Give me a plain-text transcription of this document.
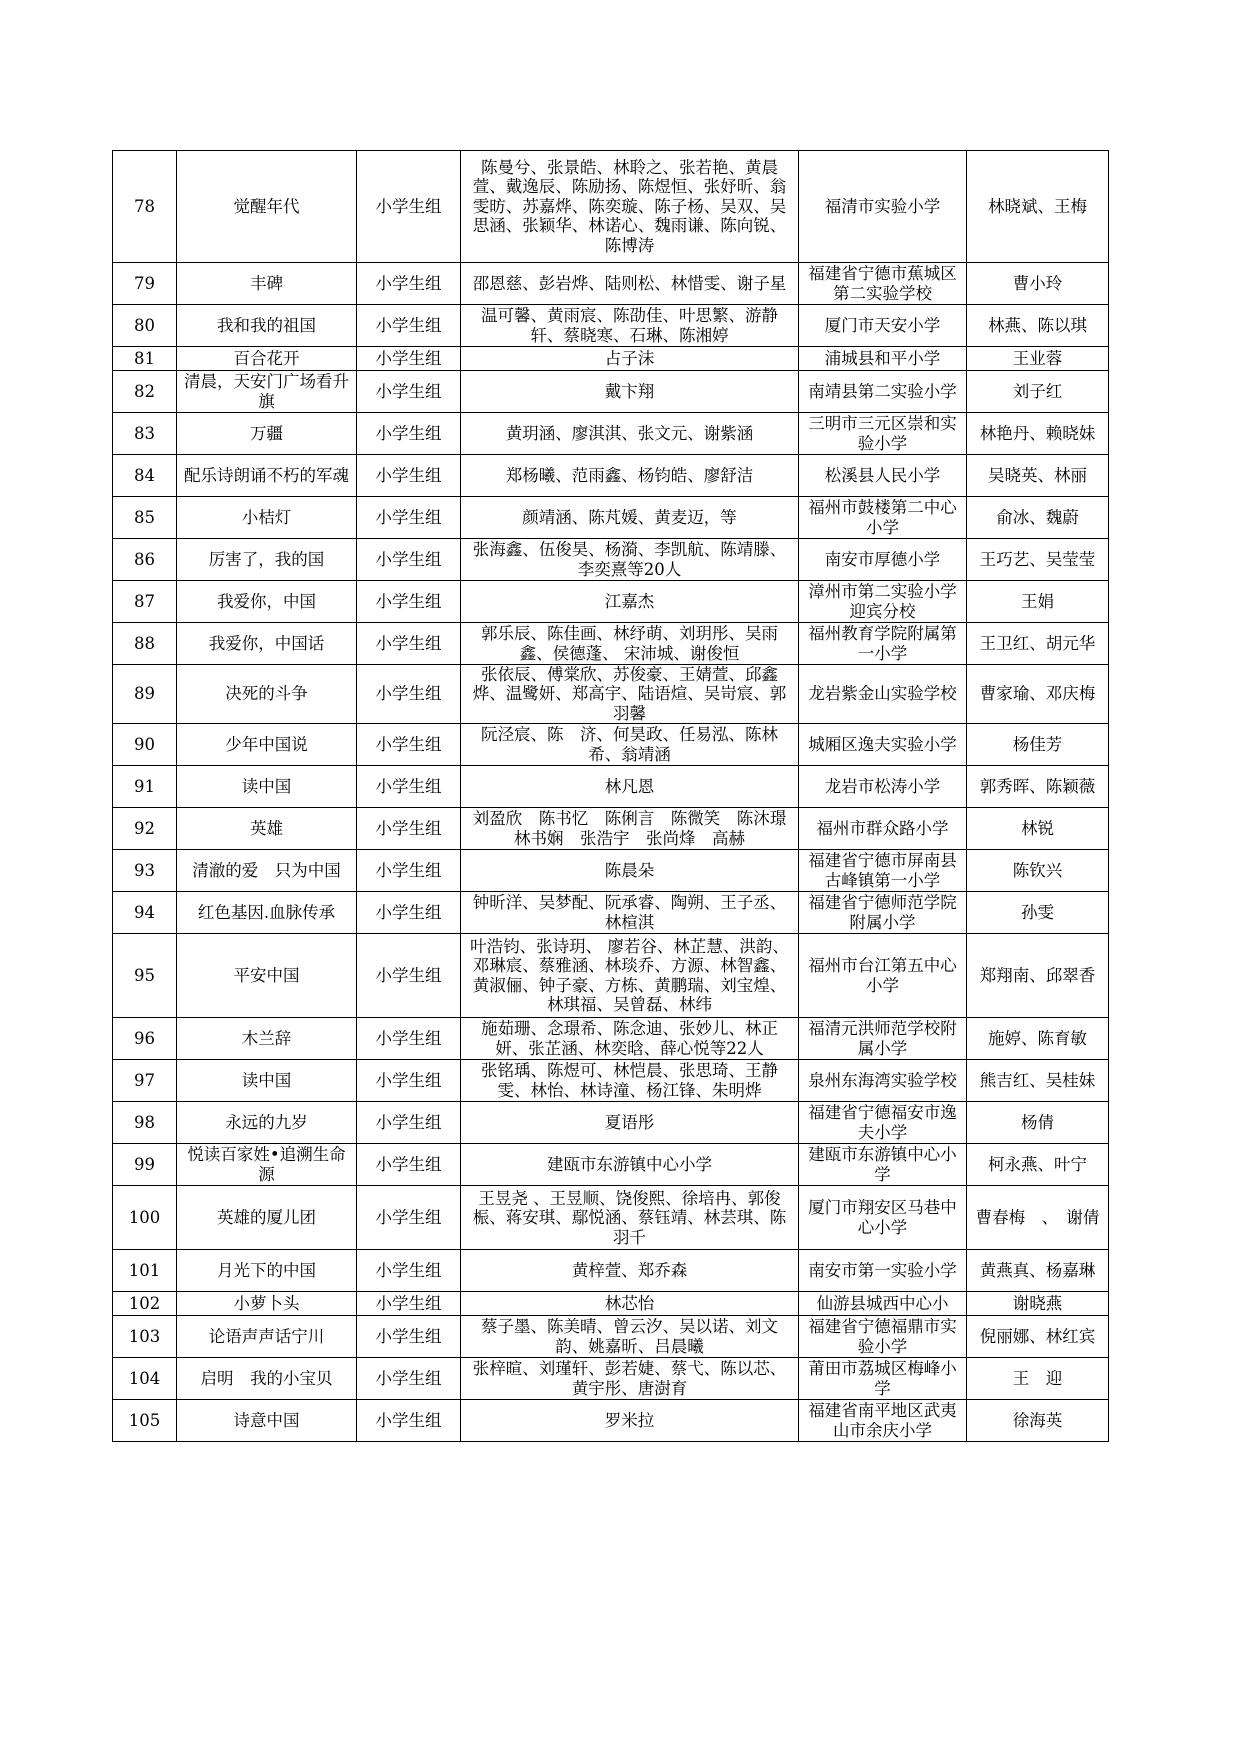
78	觉醒年代	小学生组	陈曼兮、张景皓、林聆之、张若艳、黄晨萱、戴逸辰、陈励扬、陈煜恒、张妤昕、翁雯昉、苏嘉烨、陈奕璇、陈子杨、吴双、吴思涵、张颖华、林诺心、魏雨谦、陈向锐、陈博涛	福清市实验小学	林晓斌、王梅
79	丰碑	小学生组	邵恩慈、彭岩烨、陆则松、林惜雯、谢子星	福建省宁德市蕉城区第二实验学校	曹小玲
80	我和我的祖国	小学生组	温可馨、黄雨宸、陈劭佳、叶思繁、游静轩、蔡晓寒、石琳、陈湘婷	厦门市天安小学	林燕、陈以琪
81	百合花开	小学生组	占子沫	浦城县和平小学	王业蓉
82	清晨，天安门广场看升旗	小学生组	戴卞翔	南靖县第二实验小学	刘子红
83	万疆	小学生组	黄玥涵、廖淇淇、张文元、谢紫涵	三明市三元区崇和实验小学	林艳丹、赖晓妹
84	配乐诗朗诵不朽的军魂	小学生组	郑杨曦、范雨鑫、杨钧皓、廖舒洁	松溪县人民小学	吴晓英、林丽
85	小桔灯	小学生组	颜靖涵、陈芃媛、黄麦迈，等	福州市鼓楼第二中心小学	俞冰、魏蔚
86	厉害了，我的国	小学生组	张海鑫、伍俊昊、杨漪、李凯航、陈靖滕、李奕熹等20人	南安市厚德小学	王巧艺、吴莹莹
87	我爱你，中国	小学生组	江嘉杰	漳州市第二实验小学迎宾分校	王娟
88	我爱你，中国话	小学生组	郭乐辰、陈佳画、林纾萌、刘玥彤、吴雨鑫、侯德蓬、 宋沛城、谢俊恒	福州教育学院附属第一小学	王卫红、胡元华
89	决死的斗争	小学生组	张依辰、傅棠欣、苏俊豪、王婧萱、邱鑫烨、温鹭妍、郑高宇、陆语煊、吴岢宸、郭羽馨	龙岩紫金山实验学校	曹家瑜、邓庆梅
90	少年中国说	小学生组	阮泾宸、陈　济、何昊政、任易泓、陈林希、翁靖涵	城厢区逸夫实验小学	杨佳芳
91	读中国	小学生组	林凡恩	龙岩市松涛小学	郭秀晖、陈颖薇
92	英雄	小学生组	刘盈欣　陈书忆　陈俐言　陈微笑　陈沐璟　林书娴　张浩宇　张尚烽　高赫	福州市群众路小学	林锐
93	清澈的爱　只为中国	小学生组	陈晨朵	福建省宁德市屏南县古峰镇第一小学	陈钦兴
94	红色基因.血脉传承	小学生组	钟昕洋、吴梦配、阮承睿、陶朔、王子丞、林楦淇	福建省宁德师范学院附属小学	孙雯
95	平安中国	小学生组	叶浩钧、张诗玥、 廖若谷、林芷慧、洪韵、邓琳宸、蔡雅涵、林琰乔、方源、林智鑫、黄淑俪、钟子豪、方栋、黄鹏瑞、刘宝煌、林琪福、吴曾磊、林纬	福州市台江第五中心小学	郑翔南、邱翠香
96	木兰辞	小学生组	施茹珊、念璟希、陈念迪、张妙儿、林正妍、张芷涵、林奕晗、薛心悦等22人	福清元洪师范学校附属小学	施婷、陈育敏
97	读中国	小学生组	张铭瑀、陈煜可、林恺晨、张思琦、王静雯、林怡、林诗潼、杨江锋、朱明烨	泉州东海湾实验学校	熊吉红、吴桂妹
98	永远的九岁	小学生组	夏语彤	福建省宁德福安市逸夫小学	杨倩
99	悦读百家姓•追溯生命源	小学生组	建瓯市东游镇中心小学	建瓯市东游镇中心小学	柯永燕、叶宁
100	英雄的厦儿团	小学生组	王昱尧 、王昱顺、饶俊熙、徐培冉、郭俊桭、蒋安琪、鄢悦涵、蔡钰靖、林芸琪、陈羽千	厦门市翔安区马巷中心小学	曹春梅　、　谢倩
101	月光下的中国	小学生组	黄梓萱、郑乔森	南安市第一实验小学	黄燕真、杨嘉琳
102	小萝卜头	小学生组	林芯怡	仙游县城西中心小	谢晓燕
103	论语声声话宁川	小学生组	蔡子墨、陈美晴、曾云汐、吴以诺、刘文韵、姚嘉昕、吕晨曦	福建省宁德福鼎市实验小学	倪丽娜、林红宾
104	启明　我的小宝贝	小学生组	张梓暄、刘瑾轩、彭若婕、蔡弋、陈以芯、黄宇彤、唐澍育	莆田市荔城区梅峰小学	王　迎
105	诗意中国	小学生组	罗米拉	福建省南平地区武夷山市余庆小学	徐海英
